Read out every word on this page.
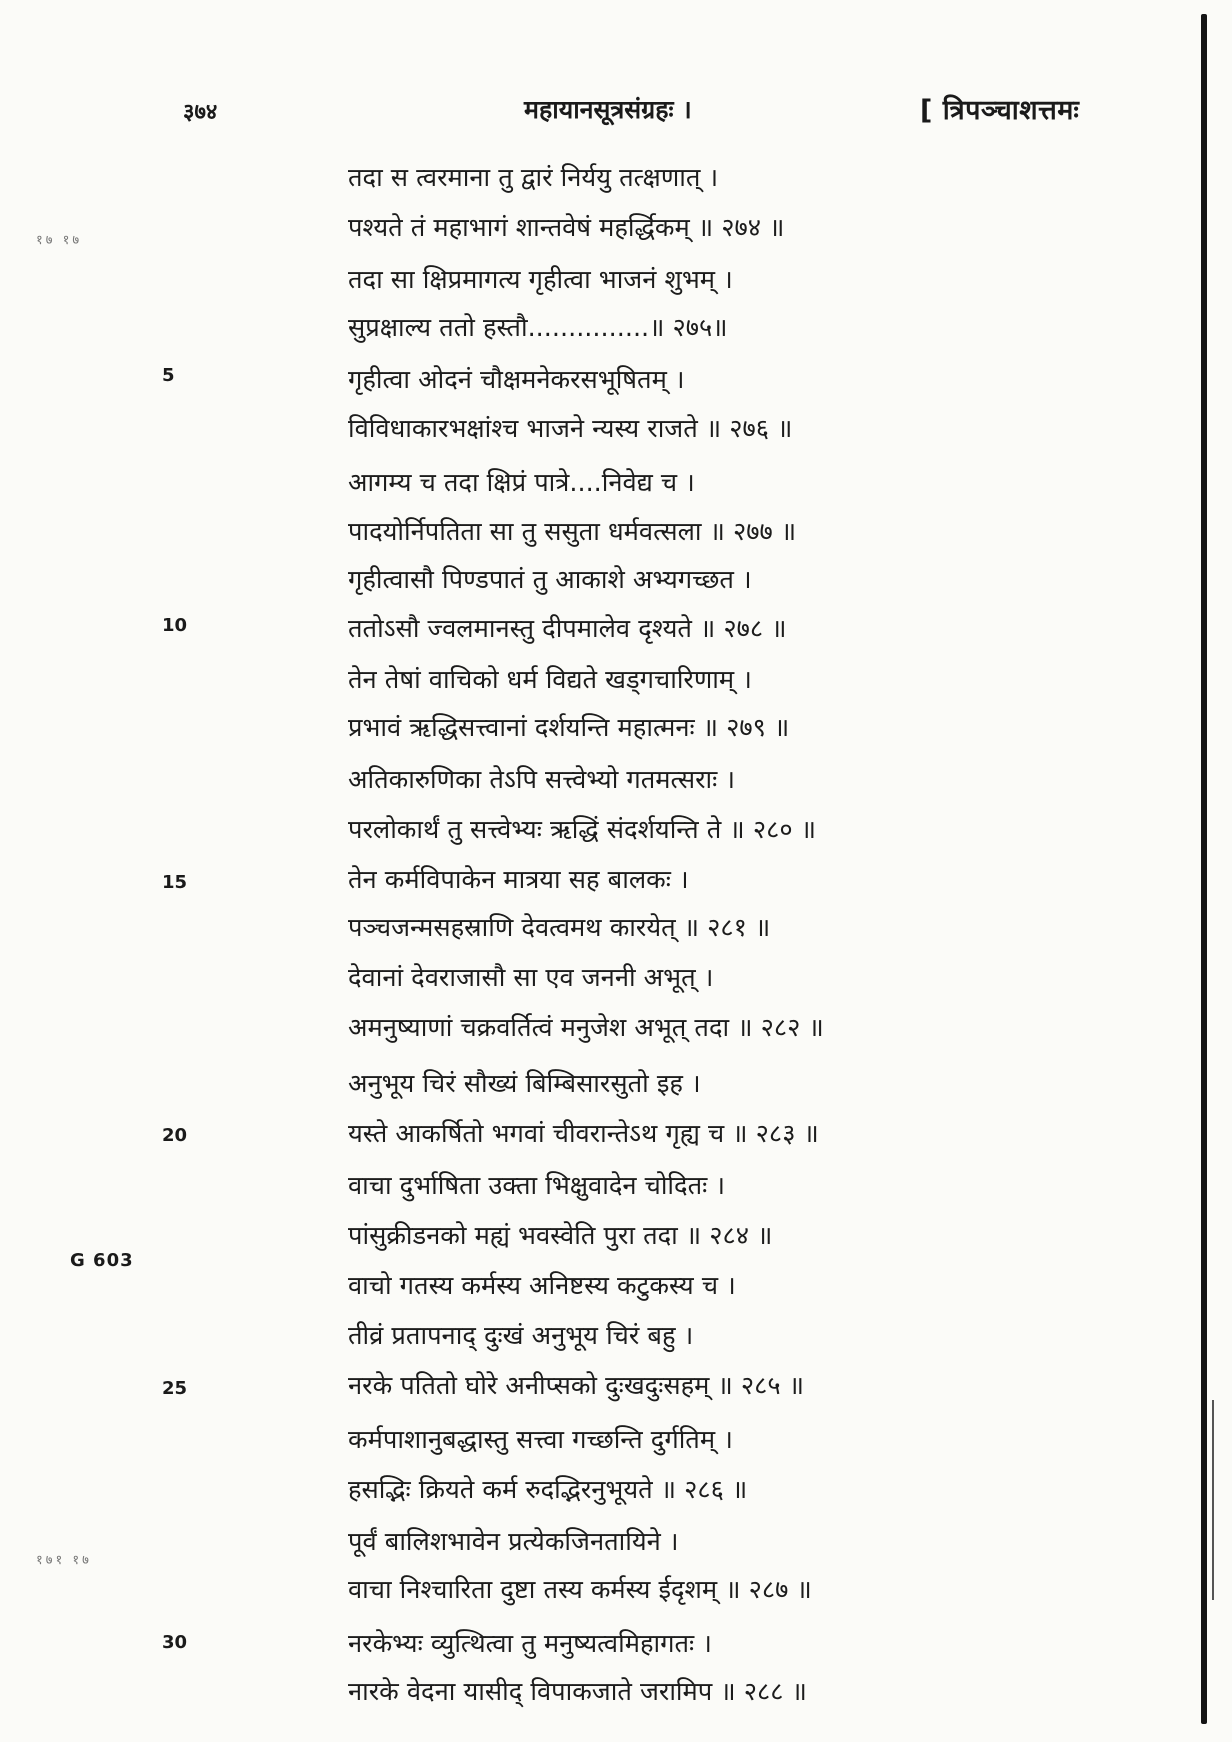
३७४	महायानसूत्रसंग्रहः ।	[ त्रिपञ्चाशत्तमः
१७ १७
5
10
15
20
G 603
25
१७१ १७
30
तदा स त्वरमाना तु द्वारं निर्ययु तत्क्षणात् ।
पश्यते तं महाभागं शान्तवेषं महर्द्धिकम् ॥ २७४ ॥
तदा सा क्षिप्रमागत्य गृहीत्वा भाजनं शुभम् ।
सुप्रक्षाल्य ततो हस्तौ...............॥ २७५॥
गृहीत्वा ओदनं चौक्षमनेकरसभूषितम् ।
विविधाकारभक्षांश्च भाजने न्यस्य राजते ॥ २७६ ॥
आगम्य च तदा क्षिप्रं पात्रे....निवेद्य च ।
पादयोर्निपतिता सा तु ससुता धर्मवत्सला ॥ २७७ ॥
गृहीत्वासौ पिण्डपातं तु आकाशे अभ्यगच्छत ।
ततोऽसौ ज्वलमानस्तु दीपमालेव दृश्यते ॥ २७८ ॥
तेन तेषां वाचिको धर्म विद्यते खड्गचारिणाम् ।
प्रभावं ऋद्धिसत्त्वानां दर्शयन्ति महात्मनः ॥ २७९ ॥
अतिकारुणिका तेऽपि सत्त्वेभ्यो गतमत्सराः ।
परलोकार्थं तु सत्त्वेभ्यः ऋद्धिं संदर्शयन्ति ते ॥ २८० ॥
तेन कर्मविपाकेन मात्रया सह बालकः ।
पञ्चजन्मसहस्राणि देवत्वमथ कारयेत् ॥ २८१ ॥
देवानां देवराजासौ सा एव जननी अभूत् ।
अमनुष्याणां चक्रवर्तित्वं मनुजेश अभूत् तदा ॥ २८२ ॥
अनुभूय चिरं सौख्यं बिम्बिसारसुतो इह ।
यस्ते आकर्षितो भगवां चीवरान्तेऽथ गृह्य च ॥ २८३ ॥
वाचा दुर्भाषिता उक्ता भिक्षुवादेन चोदितः ।
पांसुक्रीडनको मह्यं भवस्वेति पुरा तदा ॥ २८४ ॥
वाचो गतस्य कर्मस्य अनिष्टस्य कटुकस्य च ।
तीव्रं प्रतापनाद् दुःखं अनुभूय चिरं बहु ।
नरके पतितो घोरे अनीप्सको दुःखदुःसहम् ॥ २८५ ॥
कर्मपाशानुबद्धास्तु सत्त्वा गच्छन्ति दुर्गतिम् ।
हसद्भिः क्रियते कर्म रुदद्भिरनुभूयते ॥ २८६ ॥
पूर्वं बालिशभावेन प्रत्येकजिनतायिने ।
वाचा निश्चारिता दुष्टा तस्य कर्मस्य ईदृशम् ॥ २८७ ॥
नरकेभ्यः व्युत्थित्वा तु मनुष्यत्वमिहागतः ।
नारके वेदना यासीद् विपाकजाते जरामिप ॥ २८८ ॥
